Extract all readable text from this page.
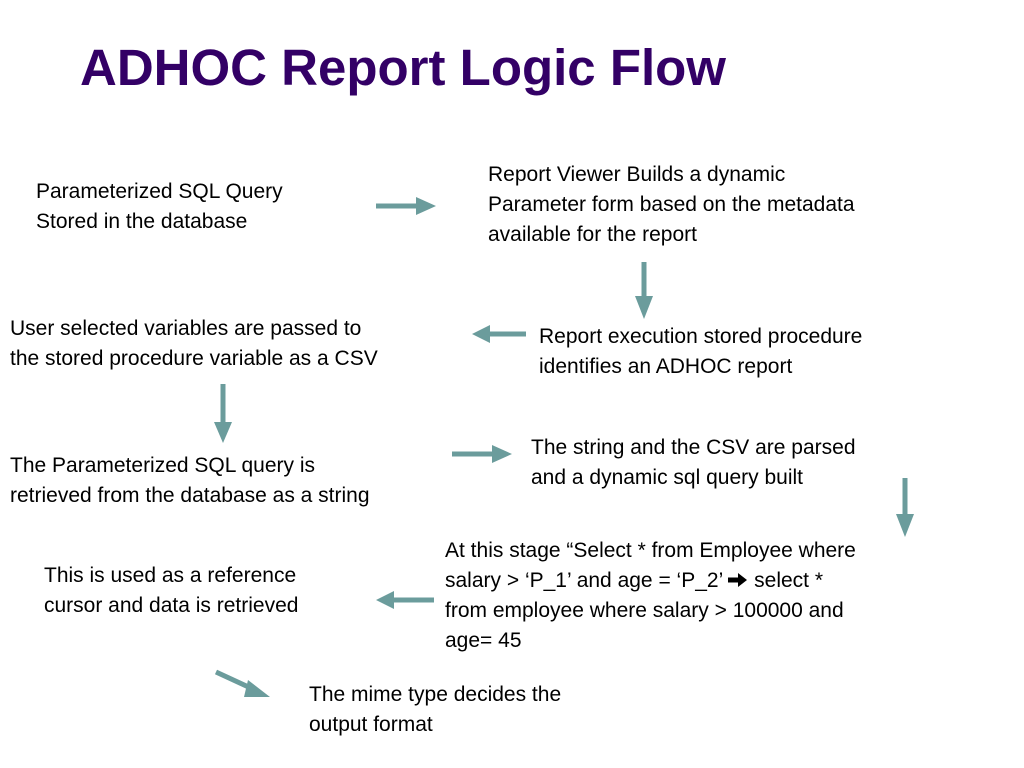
ADHOC Report Logic Flow
Parameterized SQL Query
Stored in the database
Report Viewer Builds a dynamic
Parameter form based on the metadata
available for the report
Report execution stored procedure
identifies an ADHOC report
User selected variables are passed to
the stored procedure variable as a CSV
The Parameterized SQL query is
retrieved from the database as a string
The string and the CSV are parsed
and a dynamic sql query built
At this stage “Select * from Employee where
salary > ‘P_1’ and age = ‘P_2’ select *
from employee where salary > 100000 and
age= 45
This is used as a reference
cursor and data is retrieved
The mime type decides the
output format
